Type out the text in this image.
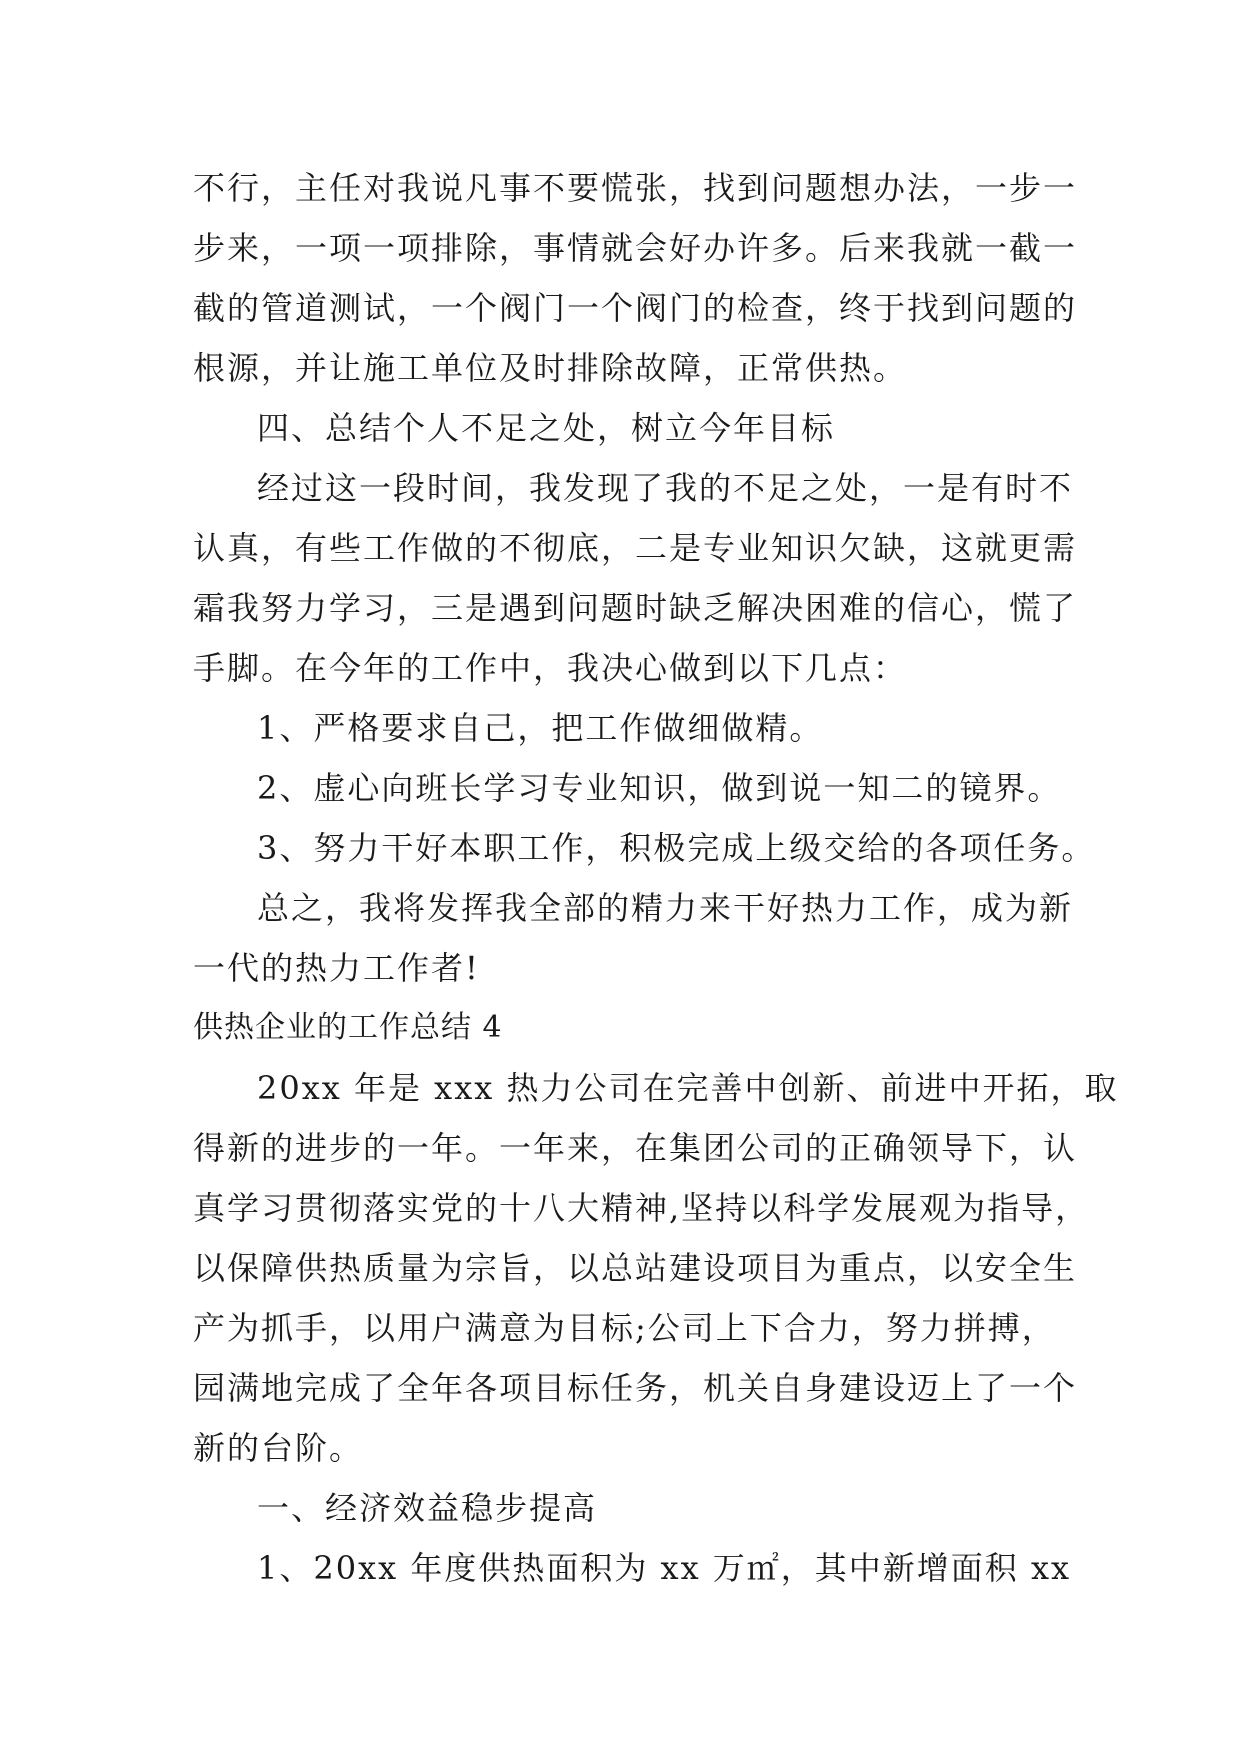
不行，主任对我说凡事不要慌张，找到问题想办法，一步一
步来，一项一项排除，事情就会好办许多。后来我就一截一
截的管道测试，一个阀门一个阀门的检查，终于找到问题的
根源，并让施工单位及时排除故障，正常供热。
四、总结个人不足之处，树立今年目标
经过这一段时间，我发现了我的不足之处，一是有时不
认真，有些工作做的不彻底，二是专业知识欠缺，这就更需
霜我努力学习，三是遇到问题时缺乏解决困难的信心，慌了
手脚。在今年的工作中，我决心做到以下几点：
1、严格要求自己，把工作做细做精。
2、虚心向班长学习专业知识，做到说一知二的镜界。
3、努力干好本职工作，积极完成上级交给的各项任务。
总之，我将发挥我全部的精力来干好热力工作，成为新
一代的热力工作者!
供热企业的工作总结 4
20xx 年是 xxx 热力公司在完善中创新、前进中开拓，取
得新的进步的一年。一年来，在集团公司的正确领导下，认
真学习贯彻落实党的十八大精神,坚持以科学发展观为指导，
以保障供热质量为宗旨，以总站建设项目为重点，以安全生
产为抓手，以用户满意为目标;公司上下合力，努力拼搏，
园满地完成了全年各项目标任务，机关自身建设迈上了一个
新的台阶。
一、经济效益稳步提高
1、20xx 年度供热面积为 xx 万㎡，其中新增面积 xx
